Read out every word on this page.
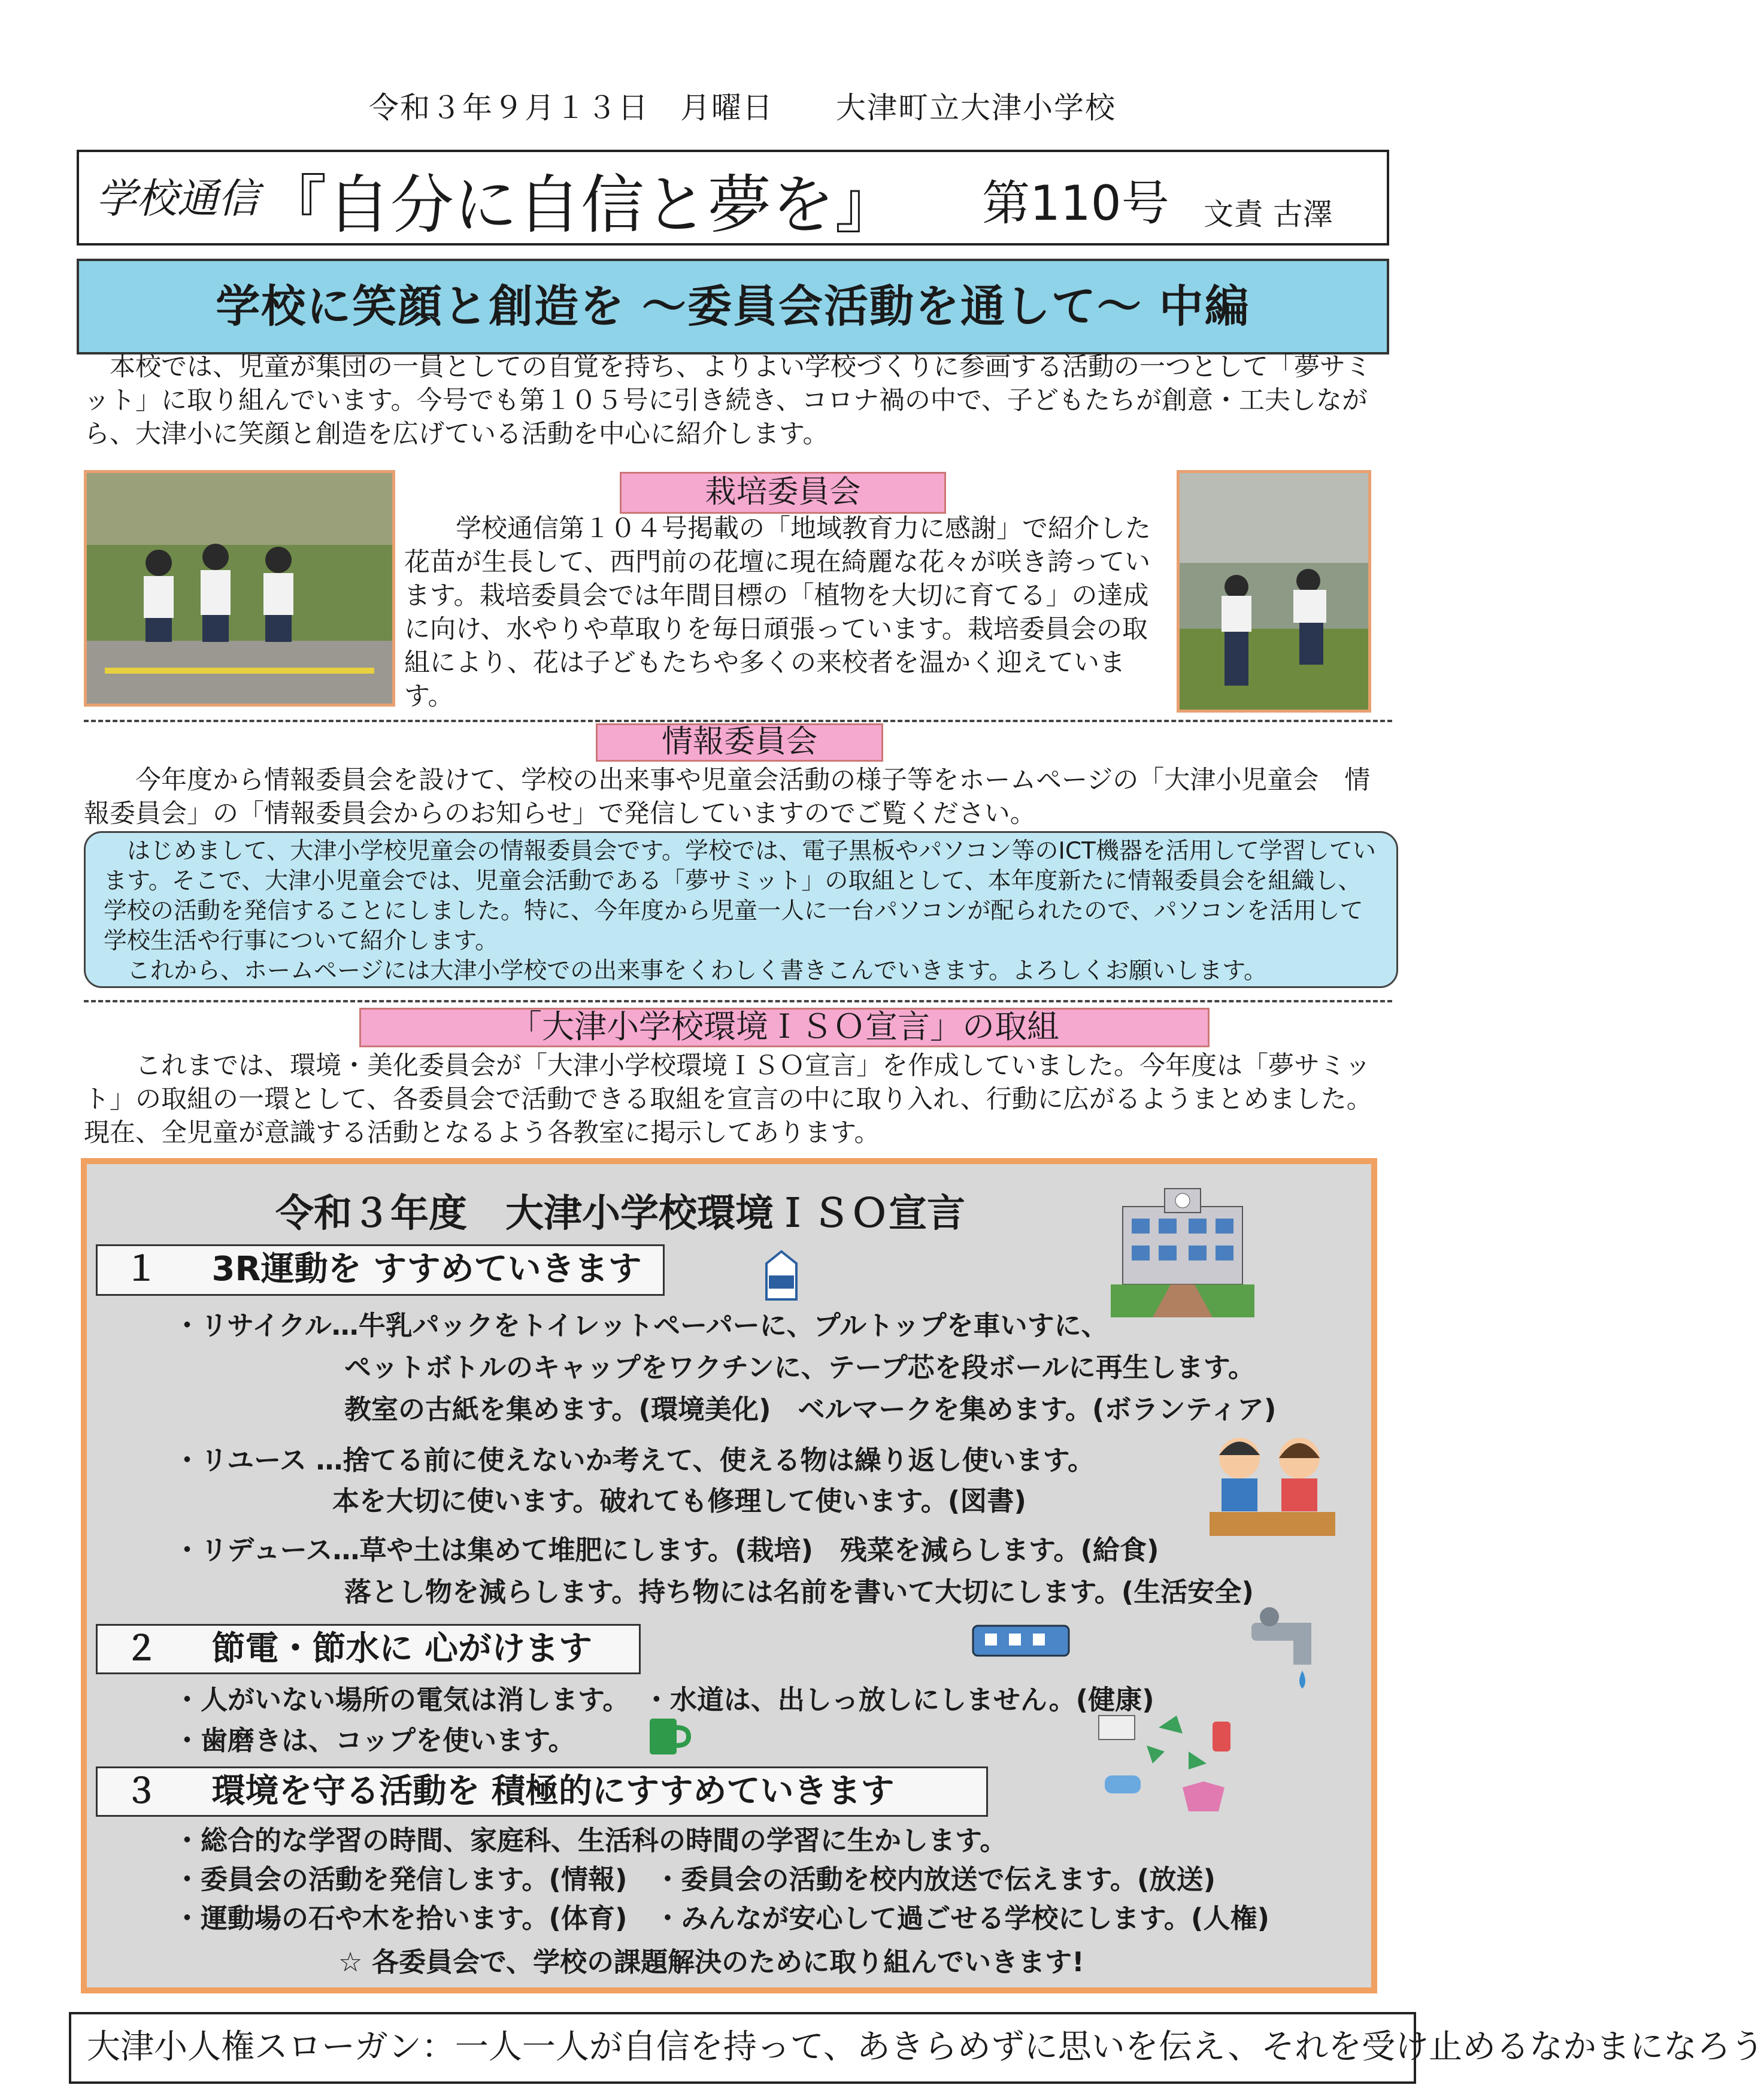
令和３年９月１３日　月曜日　　大津町立大津小学校
学校通信 『自分に自信と夢を』 第110号 文責 古澤
学校に笑顔と創造を ～委員会活動を通して～ 中編
本校では、児童が集団の一員としての自覚を持ち、よりよい学校づくりに参画する活動の一つとして「夢サミット」に取り組んでいます。今号でも第１０５号に引き続き、コロナ禍の中で、子どもたちが創意・工夫しながら、大津小に笑顔と創造を広げている活動を中心に紹介します。
栽培委員会
学校通信第１０４号掲載の「地域教育力に感謝」で紹介した花苗が生長して、西門前の花壇に現在綺麗な花々が咲き誇っています。栽培委員会では年間目標の「植物を大切に育てる」の達成に向け、水やりや草取りを毎日頑張っています。栽培委員会の取組により、花は子どもたちや多くの来校者を温かく迎えています。
情報委員会
今年度から情報委員会を設けて、学校の出来事や児童会活動の様子等をホームページの「大津小児童会　情報委員会」の「情報委員会からのお知らせ」で発信していますのでご覧ください。

はじめまして、大津小学校児童会の情報委員会です。学校では、電子黒板やパソコン等のICT機器を活用して学習しています。そこで、大津小児童会では、児童会活動である「夢サミット」の取組として、本年度新たに情報委員会を組織し、学校の活動を発信することにしました。特に、今年度から児童一人に一台パソコンが配られたので、パソコンを活用して学校生活や行事について紹介します。

これから、ホームページには大津小学校での出来事をくわしく書きこんでいきます。よろしくお願いします。

「大津小学校環境ＩＳＯ宣言」の取組
これまでは、環境・美化委員会が「大津小学校環境ＩＳＯ宣言」を作成していました。今年度は「夢サミット」の取組の一環として、各委員会で活動できる取組を宣言の中に取り入れ、行動に広がるようまとめました。現在、全児童が意識する活動となるよう各教室に掲示してあります。
令和３年度　大津小学校環境ＩＳＯ宣言
１ 3R運動を すすめていきます
・リサイクル…牛乳パックをトイレットペーパーに、プルトップを車いすに、
ペットボトルのキャップをワクチンに、テープ芯を段ボールに再生します。
教室の古紙を集めます。(環境美化)　ベルマークを集めます。(ボランティア)
・リユース …捨てる前に使えないか考えて、使える物は繰り返し使います。
本を大切に使います。破れても修理して使います。(図書)
・リデュース…草や土は集めて堆肥にします。(栽培)　残菜を減らします。(給食)
落とし物を減らします。持ち物には名前を書いて大切にします。(生活安全)
２ 節電・節水に 心がけます
・人がいない場所の電気は消します。　・水道は、出しっ放しにしません。(健康)
・歯磨きは、コップを使います。
３ 環境を守る活動を 積極的にすすめていきます
・総合的な学習の時間、家庭科、生活科の時間の学習に生かします。
・委員会の活動を発信します。(情報)　・委員会の活動を校内放送で伝えます。(放送)
・運動場の石や木を拾います。(体育)　・みんなが安心して過ごせる学校にします。(人権)
☆ 各委員会で、学校の課題解決のために取り組んでいきます!
大津小人権スローガン：一人一人が自信を持って、あきらめずに思いを伝え、それを受け止めるなかまになろう
